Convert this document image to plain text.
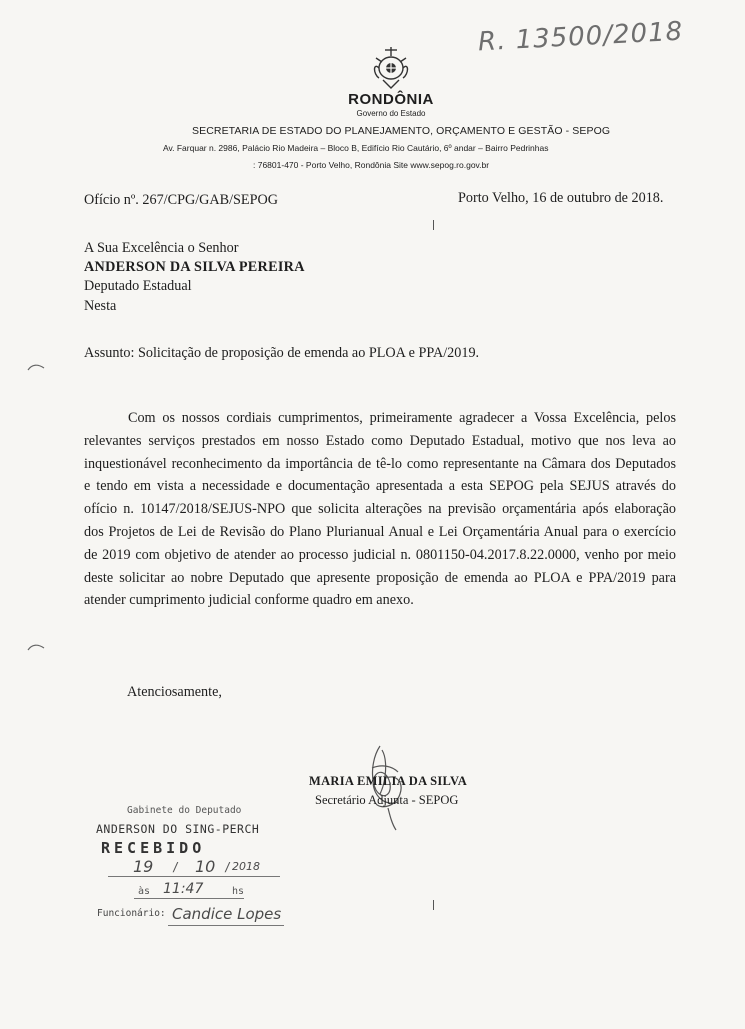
R. 13500/2018
RONDÔNIA
Governo do Estado
SECRETARIA DE ESTADO DO PLANEJAMENTO, ORÇAMENTO E GESTÃO - SEPOG
Av. Farquar n. 2986, Palácio Rio Madeira – Bloco B, Edifício Rio Cautário, 6º andar – Bairro Pedrinhas
: 76801-470 - Porto Velho, Rondônia Site www.sepog.ro.gov.br
Ofício nº. 267/CPG/GAB/SEPOG	Porto Velho, 16 de outubro de 2018.
A Sua Excelência o Senhor
ANDERSON DA SILVA PEREIRA
Deputado Estadual
Nesta
Assunto: Solicitação de proposição de emenda ao PLOA e PPA/2019.
Com os nossos cordiais cumprimentos, primeiramente agradecer a Vossa Excelência, pelos
relevantes serviços prestados em nosso Estado como Deputado Estadual, motivo que nos leva ao
inquestionável reconhecimento da importância de tê-lo como representante na Câmara dos Deputados
e tendo em vista a necessidade e documentação apresentada a esta SEPOG pela SEJUS através do
ofício n. 10147/2018/SEJUS-NPO que solicita alterações na previsão orçamentária após elaboração
dos Projetos de Lei de Revisão do Plano Plurianual Anual e Lei Orçamentária Anual para o exercício
de 2019 com objetivo de atender ao processo judicial n. 0801150-04.2017.8.22.0000, venho por meio
deste solicitar ao nobre Deputado que apresente proposição de emenda ao PLOA e PPA/2019 para
atender cumprimento judicial conforme quadro em anexo.
Atenciosamente,
MARIA EMILIA DA SILVA
Secretário Adjunta - SEPOG
Gabinete do Deputado
ANDERSON DO SING-PERCH
RECEBIDO
19 / 10 / 2018
às 11:47	hs
Funcionário: Candice Lopes
